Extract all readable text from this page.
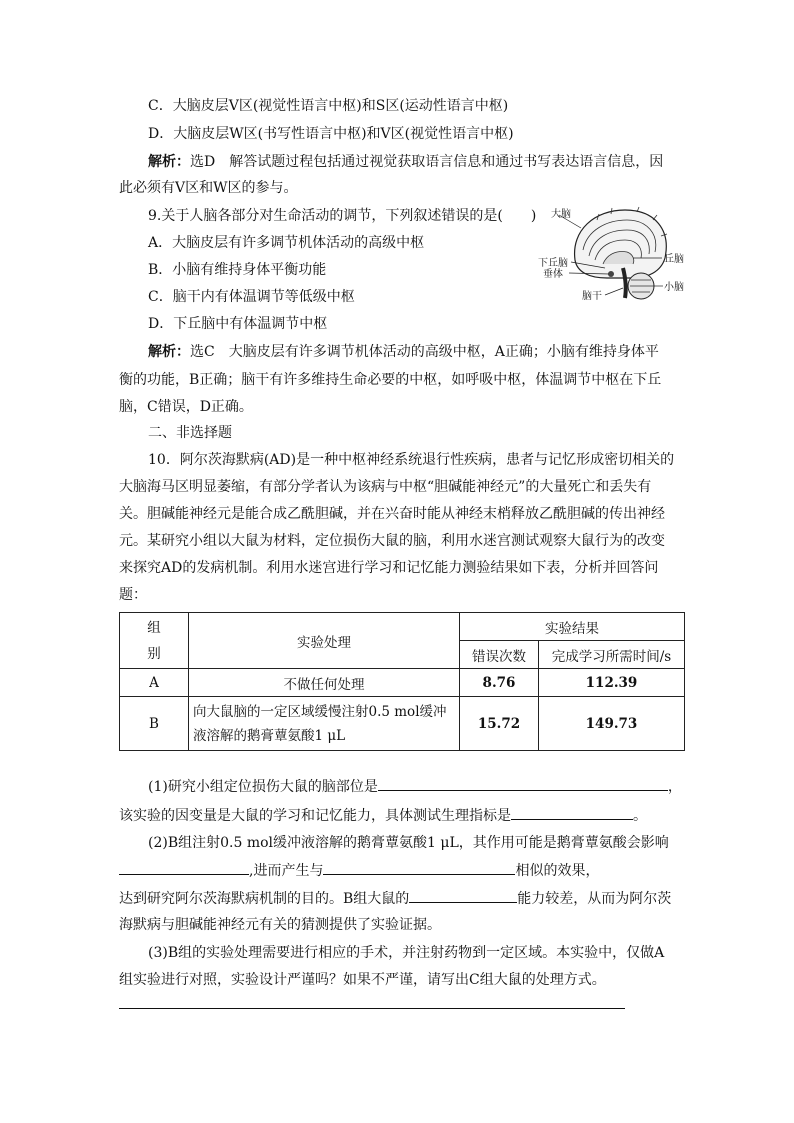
C．大脑皮层Ⅴ区(视觉性语言中枢)和S区(运动性语言中枢)
D．大脑皮层W区(书写性语言中枢)和Ⅴ区(视觉性语言中枢)
解析：选D　解答试题过程包括通过视觉获取语言信息和通过书写表达语言信息，因
此必须有Ⅴ区和W区的参与。
9.关于人脑各部分对生命活动的调节，下列叙述错误的是(　　)
A．大脑皮层有许多调节机体活动的高级中枢
B．小脑有维持身体平衡功能
C．脑干内有体温调节等低级中枢
D．下丘脑中有体温调节中枢
大脑
丘脑
下丘脑
垂体
脑干
小脑
解析：选C　大脑皮层有许多调节机体活动的高级中枢，A正确；小脑有维持身体平
衡的功能，B正确；脑干有许多维持生命必要的中枢，如呼吸中枢，体温调节中枢在下丘
脑，C错误，D正确。
二、非选择题
10．阿尔茨海默病(AD)是一种中枢神经系统退行性疾病，患者与记忆形成密切相关的
大脑海马区明显萎缩，有部分学者认为该病与中枢“胆碱能神经元”的大量死亡和丢失有
关。胆碱能神经元是能合成乙酰胆碱，并在兴奋时能从神经末梢释放乙酰胆碱的传出神经
元。某研究小组以大鼠为材料，定位损伤大鼠的脑，利用水迷宫测试观察大鼠行为的改变
来探究AD的发病机制。利用水迷宫进行学习和记忆能力测验结果如下表，分析并回答问
题：
组
别	实验处理	实验结果	
		错误次数	完成学习所需时间/s
A	不做任何处理	8.76	112.39
B	向大鼠脑的一定区域缓慢注射0.5 mol缓冲
液溶解的鹅膏蕈氨酸1 μL	15.72	149.73
(1)研究小组定位损伤大鼠的脑部位是	，
该实验的因变量是大鼠的学习和记忆能力，具体测试生理指标是	。
(2)B组注射0.5 mol缓冲液溶解的鹅膏蕈氨酸1 μL，其作用可能是鹅膏蕈氨酸会影响
,进而产生与	相似的效果，
达到研究阿尔茨海默病机制的目的。B组大鼠的	能力较差，从而为阿尔茨
海默病与胆碱能神经元有关的猜测提供了实验证据。
(3)B组的实验处理需要进行相应的手术，并注射药物到一定区域。本实验中，仅做A
组实验进行对照，实验设计严谨吗？如果不严谨，请写出C组大鼠的处理方式。
